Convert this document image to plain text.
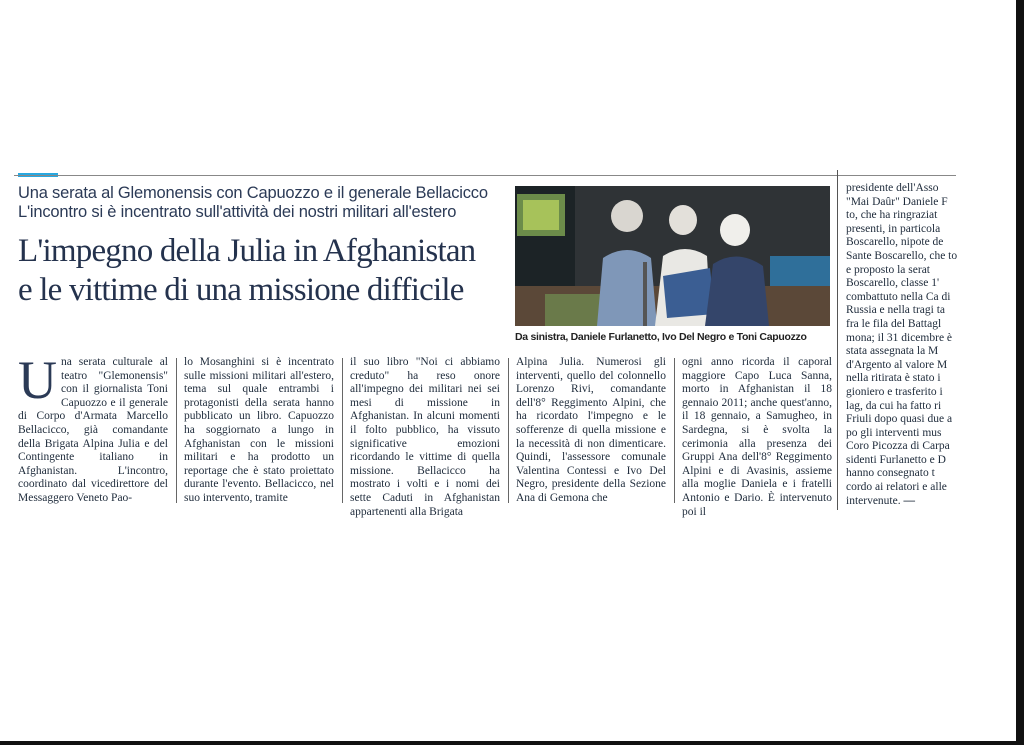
Una serata al Glemonensis con Capuozzo e il generale Bellacicco
L'incontro si è incentrato sull'attività dei nostri militari all'estero
L'impegno della Julia in Afghanistan
e le vittime di una missione difficile
Da sinistra, Daniele Furlanetto, Ivo Del Negro e Toni Capuozzo

presidente dell'Asso "Mai Daûr" Daniele F to, che ha ringraziat presenti, in particola Boscarello, nipote de Sante Boscarello, che to e proposto la serat Boscarello, classe 1' combattuto nella Ca di Russia e nella tragi ta fra le fila del Battagl mona; il 31 dicembre è stata assegnata la M d'Argento al valore M nella ritirata è stato i gioniero e trasferito i lag, da cui ha fatto ri Friuli dopo quasi due a po gli interventi mus Coro Picozza di Carpa sidenti Furlanetto e D hanno consegnato t cordo ai relatori e alle intervenute. —

Una serata culturale al teatro "Glemonensis" con il giornalista Toni Capuozzo e il generale di Corpo d'Armata Marcello Bellacicco, già comandante della Brigata Alpina Julia e del Contingente italiano in Afghanistan. L'incontro, coordinato dal vicedirettore del Messaggero Veneto Pao-

lo Mosanghini si è incentrato sulle missioni militari all'estero, tema sul quale entrambi i protagonisti della serata hanno pubblicato un libro. Capuozzo ha soggiornato a lungo in Afghanistan con le missioni militari e ha prodotto un reportage che è stato proiettato durante l'evento. Bellacicco, nel suo intervento, tramite

il suo libro "Noi ci abbiamo creduto" ha reso onore all'impegno dei militari nei sei mesi di missione in Afghanistan. In alcuni momenti il folto pubblico, ha vissuto significative emozioni ricordando le vittime di quella missione. Bellacicco ha mostrato i volti e i nomi dei sette Caduti in Afghanistan appartenenti alla Brigata

Alpina Julia. Numerosi gli interventi, quello del colonnello Lorenzo Rivi, comandante dell'8° Reggimento Alpini, che ha ricordato l'impegno e le sofferenze di quella missione e la necessità di non dimenticare. Quindi, l'assessore comunale Valentina Contessi e Ivo Del Negro, presidente della Sezione Ana di Gemona che

ogni anno ricorda il caporal maggiore Capo Luca Sanna, morto in Afghanistan il 18 gennaio 2011; anche quest'anno, il 18 gennaio, a Samugheo, in Sardegna, si è svolta la cerimonia alla presenza dei Gruppi Ana dell'8° Reggimento Alpini e di Avasinis, assieme alla moglie Daniela e i fratelli Antonio e Dario. È intervenuto poi il
